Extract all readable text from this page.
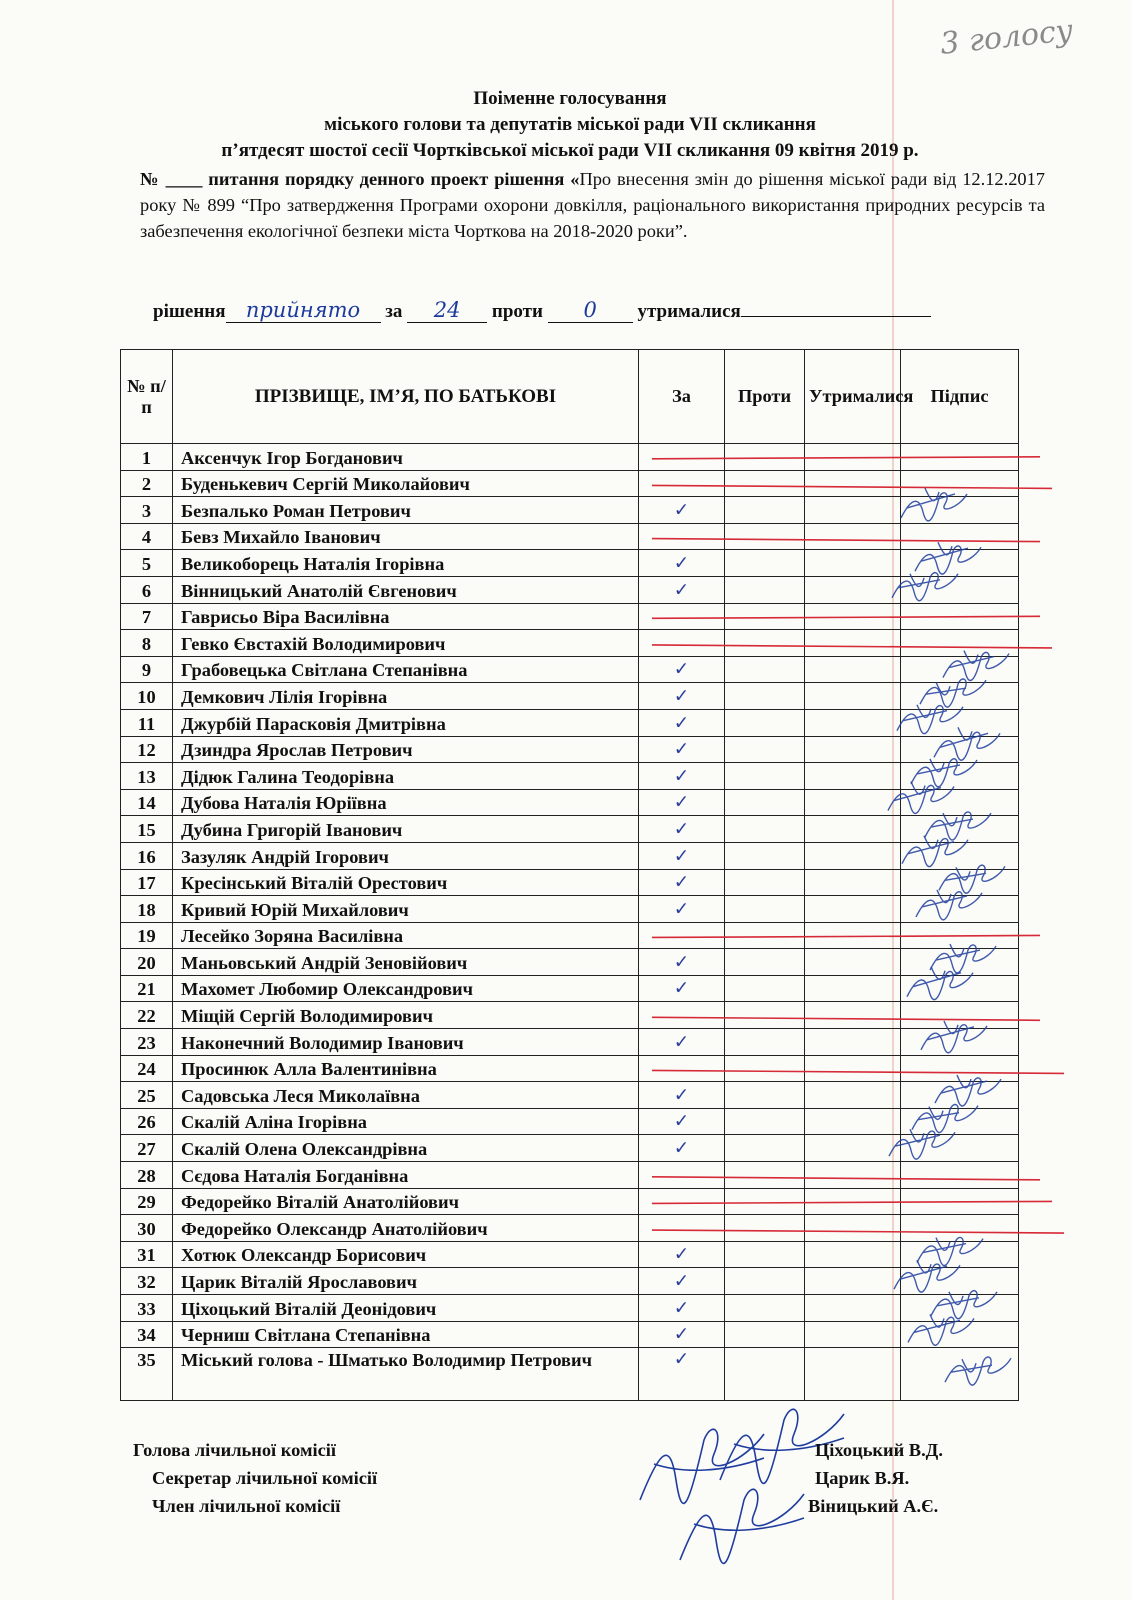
3 голосу
Поіменне голосування
міського голови та депутатів міської ради VII скликання
п’ятдесят шостої сесії Чортківської міської ради VII скликання 09 квітня 2019 р.
№ ____ питання порядку денного проект рішення «Про внесення змін до рішення міської ради від 12.12.2017 року № 899 “Про затвердження Програми охорони довкілля, раціонального використання природних ресурсів та забезпечення екологічної безпеки міста Чорткова на 2018-2020 роки”.
рішення прийнято за 24 проти 0 утрималися
№ п/п	ПРІЗВИЩЕ, ІМ’Я, ПО БАТЬКОВІ	За	Проти	Утрималися	Підпис
1	Аксенчук Ігор Богданович				
2	Буденькевич Сергій Миколайович				
3	Безпалько Роман Петрович	✓			
4	Бевз Михайло Іванович				
5	Великоборець Наталія Ігорівна	✓			
6	Вінницький Анатолій Євгенович	✓			
7	Гаврисьо Віра Василівна				
8	Гевко Євстахій Володимирович				
9	Грабовецька Світлана Степанівна	✓			
10	Демкович Лілія Ігорівна	✓			
11	Джурбій Парасковія Дмитрівна	✓			
12	Дзиндра Ярослав Петрович	✓			
13	Дідюк Галина Теодорівна	✓			
14	Дубова Наталія Юріївна	✓			
15	Дубина Григорій Іванович	✓			
16	Зазуляк Андрій Ігорович	✓			
17	Кресінський Віталій Орестович	✓			
18	Кривий Юрій Михайлович	✓			
19	Лесейко Зоряна Василівна				
20	Маньовський Андрій Зеновійович	✓			
21	Махомет Любомир Олександрович	✓			
22	Міщій Сергій Володимирович				
23	Наконечний Володимир Іванович	✓			
24	Просинюк Алла Валентинівна				
25	Садовська Леся Миколаївна	✓			
26	Скалій Аліна Ігорівна	✓			
27	Скалій Олена Олександрівна	✓			
28	Сєдова Наталія Богданівна				
29	Федорейко Віталій Анатолійович				
30	Федорейко Олександр Анатолійович				
31	Хотюк Олександр Борисович	✓			
32	Царик Віталій Ярославович	✓			
33	Ціхоцький Віталій Деонідович	✓			
34	Черниш Світлана Степанівна	✓			
35	Міський голова - Шматько Володимир Петрович	✓			
Голова лічильної комісії
Секретар лічильної комісії
Член лічильної комісії
Ціхоцький В.Д.
Царик В.Я.
Віницький А.Є.
